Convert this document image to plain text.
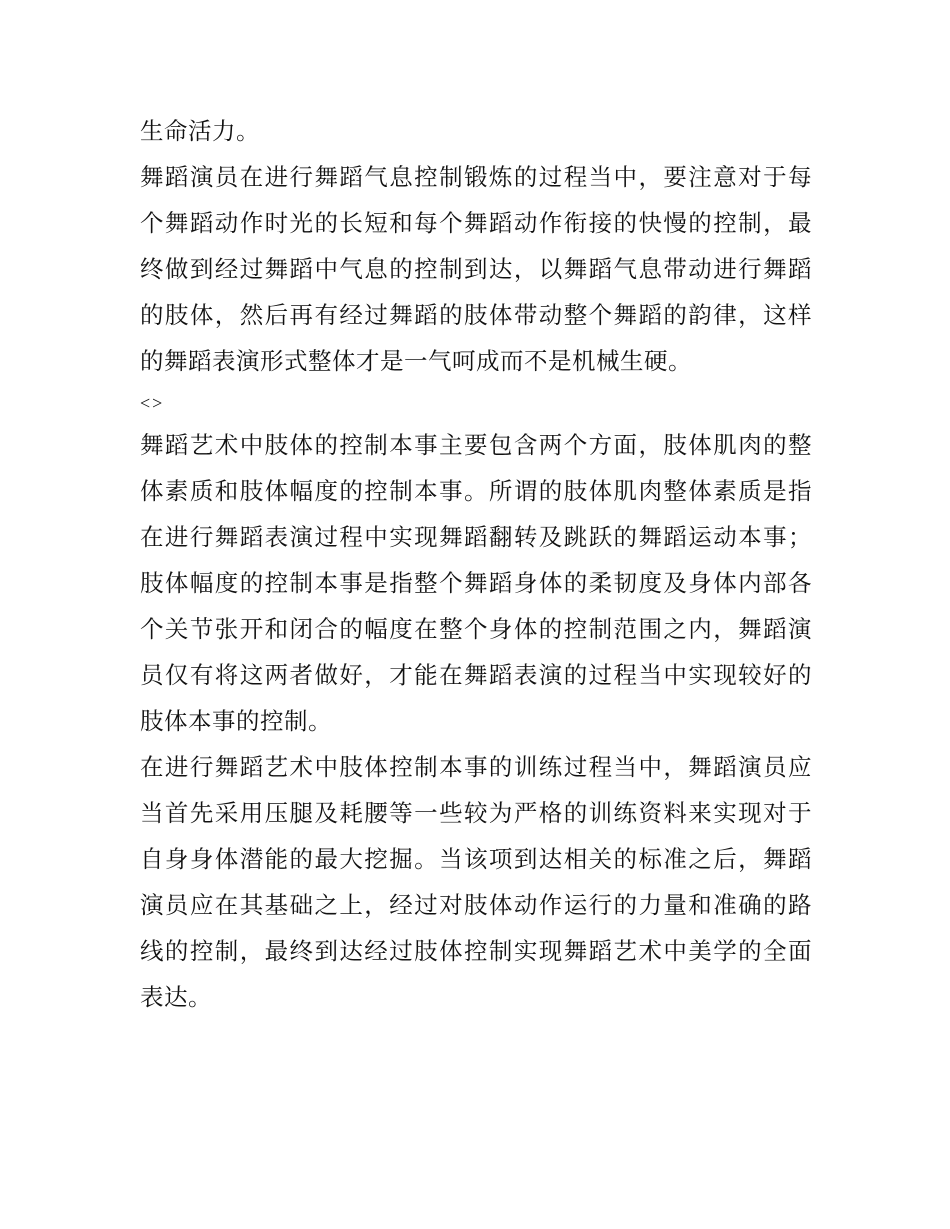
生命活力。
舞蹈演员在进行舞蹈气息控制锻炼的过程当中，要注意对于每
个舞蹈动作时光的长短和每个舞蹈动作衔接的快慢的控制，最
终做到经过舞蹈中气息的控制到达，以舞蹈气息带动进行舞蹈
的肢体，然后再有经过舞蹈的肢体带动整个舞蹈的韵律，这样
的舞蹈表演形式整体才是一气呵成而不是机械生硬。
<>
舞蹈艺术中肢体的控制本事主要包含两个方面，肢体肌肉的整
体素质和肢体幅度的控制本事。所谓的肢体肌肉整体素质是指
在进行舞蹈表演过程中实现舞蹈翻转及跳跃的舞蹈运动本事；
肢体幅度的控制本事是指整个舞蹈身体的柔韧度及身体内部各
个关节张开和闭合的幅度在整个身体的控制范围之内，舞蹈演
员仅有将这两者做好，才能在舞蹈表演的过程当中实现较好的
肢体本事的控制。
在进行舞蹈艺术中肢体控制本事的训练过程当中，舞蹈演员应
当首先采用压腿及耗腰等一些较为严格的训练资料来实现对于
自身身体潜能的最大挖掘。当该项到达相关的标准之后，舞蹈
演员应在其基础之上，经过对肢体动作运行的力量和准确的路
线的控制，最终到达经过肢体控制实现舞蹈艺术中美学的全面
表达。
